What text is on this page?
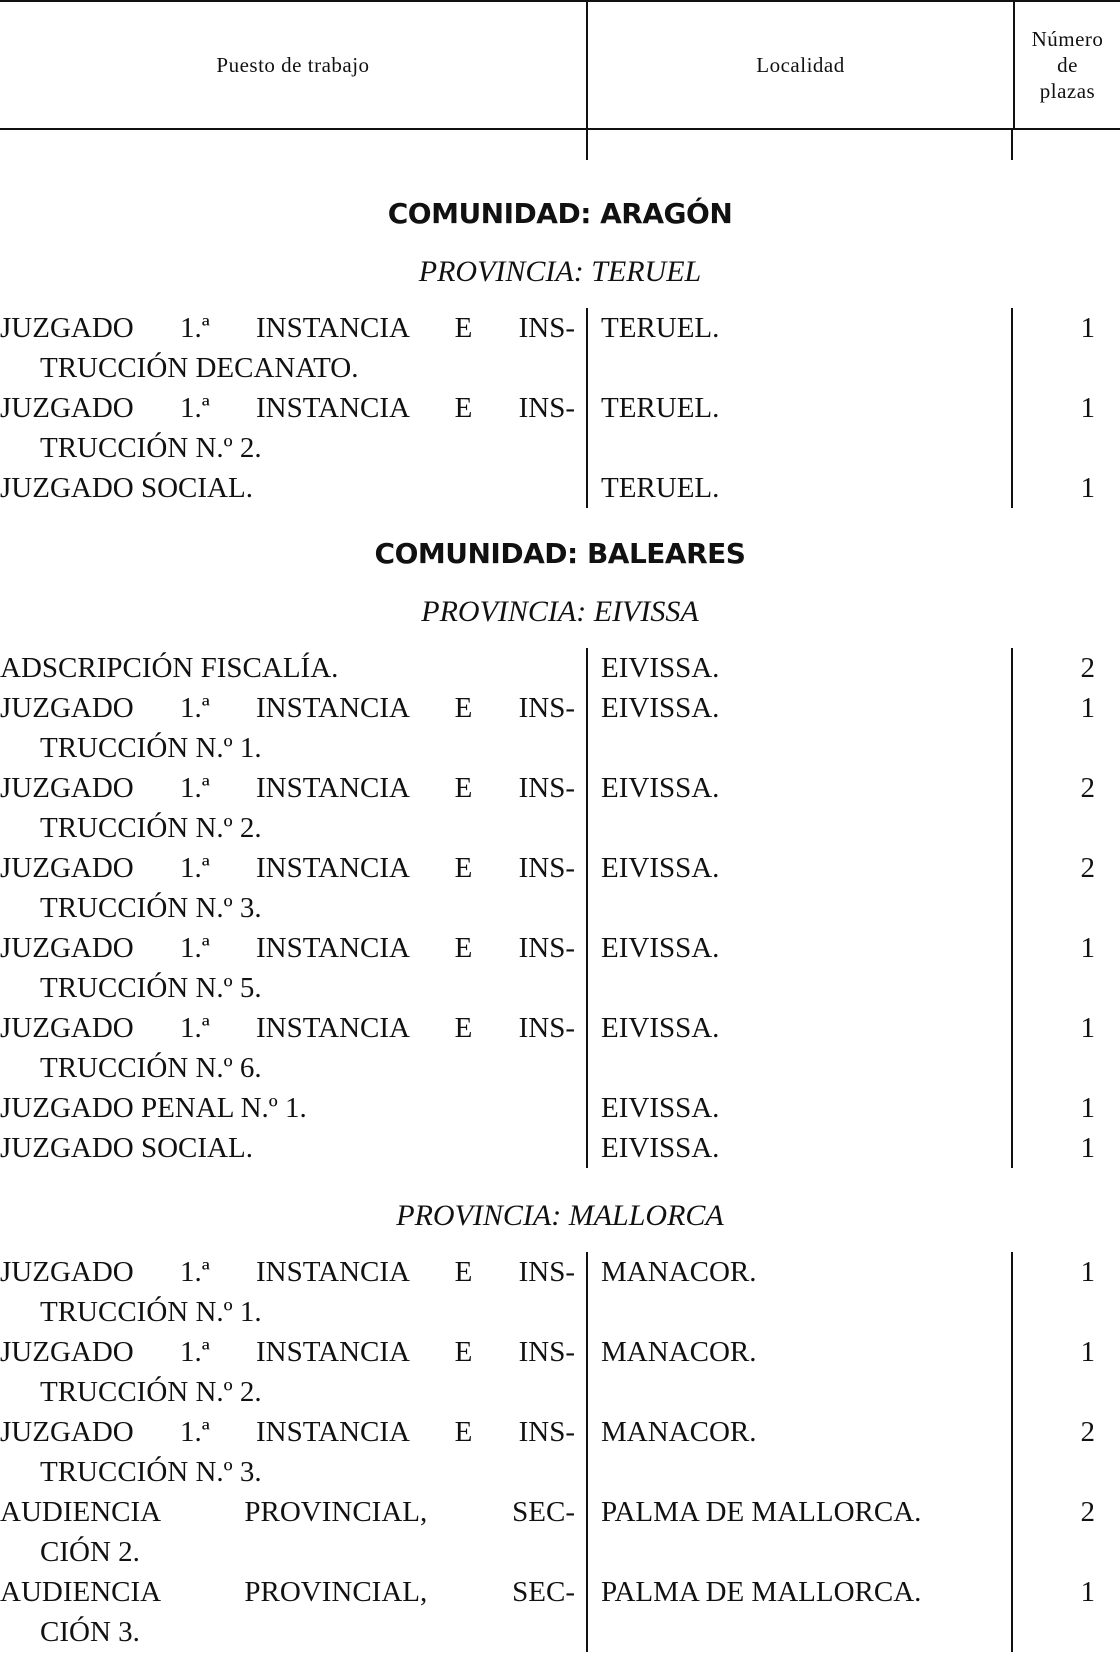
Puesto de trabajo	Localidad
Número
de
plazas
COMUNIDAD: ARAGÓN
PROVINCIA: TERUEL
JUZGADO 1.ª INSTANCIA E INS-
TRUCCIÓN DECANATO.
TERUEL.	1
JUZGADO 1.ª INSTANCIA E INS-
TRUCCIÓN N.º 2.
TERUEL.	1
JUZGADO SOCIAL.	TERUEL.	1
COMUNIDAD: BALEARES
PROVINCIA: EIVISSA
ADSCRIPCIÓN FISCALÍA.	EIVISSA.	2
JUZGADO 1.ª INSTANCIA E INS-
TRUCCIÓN N.º 1.
EIVISSA.	1
JUZGADO 1.ª INSTANCIA E INS-
TRUCCIÓN N.º 2.
EIVISSA.	2
JUZGADO 1.ª INSTANCIA E INS-
TRUCCIÓN N.º 3.
EIVISSA.	2
JUZGADO 1.ª INSTANCIA E INS-
TRUCCIÓN N.º 5.
EIVISSA.	1
JUZGADO 1.ª INSTANCIA E INS-
TRUCCIÓN N.º 6.
EIVISSA.	1
JUZGADO PENAL N.º 1.	EIVISSA.	1
JUZGADO SOCIAL.	EIVISSA.	1
PROVINCIA: MALLORCA
JUZGADO 1.ª INSTANCIA E INS-
TRUCCIÓN N.º 1.
MANACOR.	1
JUZGADO 1.ª INSTANCIA E INS-
TRUCCIÓN N.º 2.
MANACOR.	1
JUZGADO 1.ª INSTANCIA E INS-
TRUCCIÓN N.º 3.
MANACOR.	2
AUDIENCIA PROVINCIAL, SEC-
CIÓN 2.
PALMA DE MALLORCA.	2
AUDIENCIA PROVINCIAL, SEC-
CIÓN 3.
PALMA DE MALLORCA.	1
